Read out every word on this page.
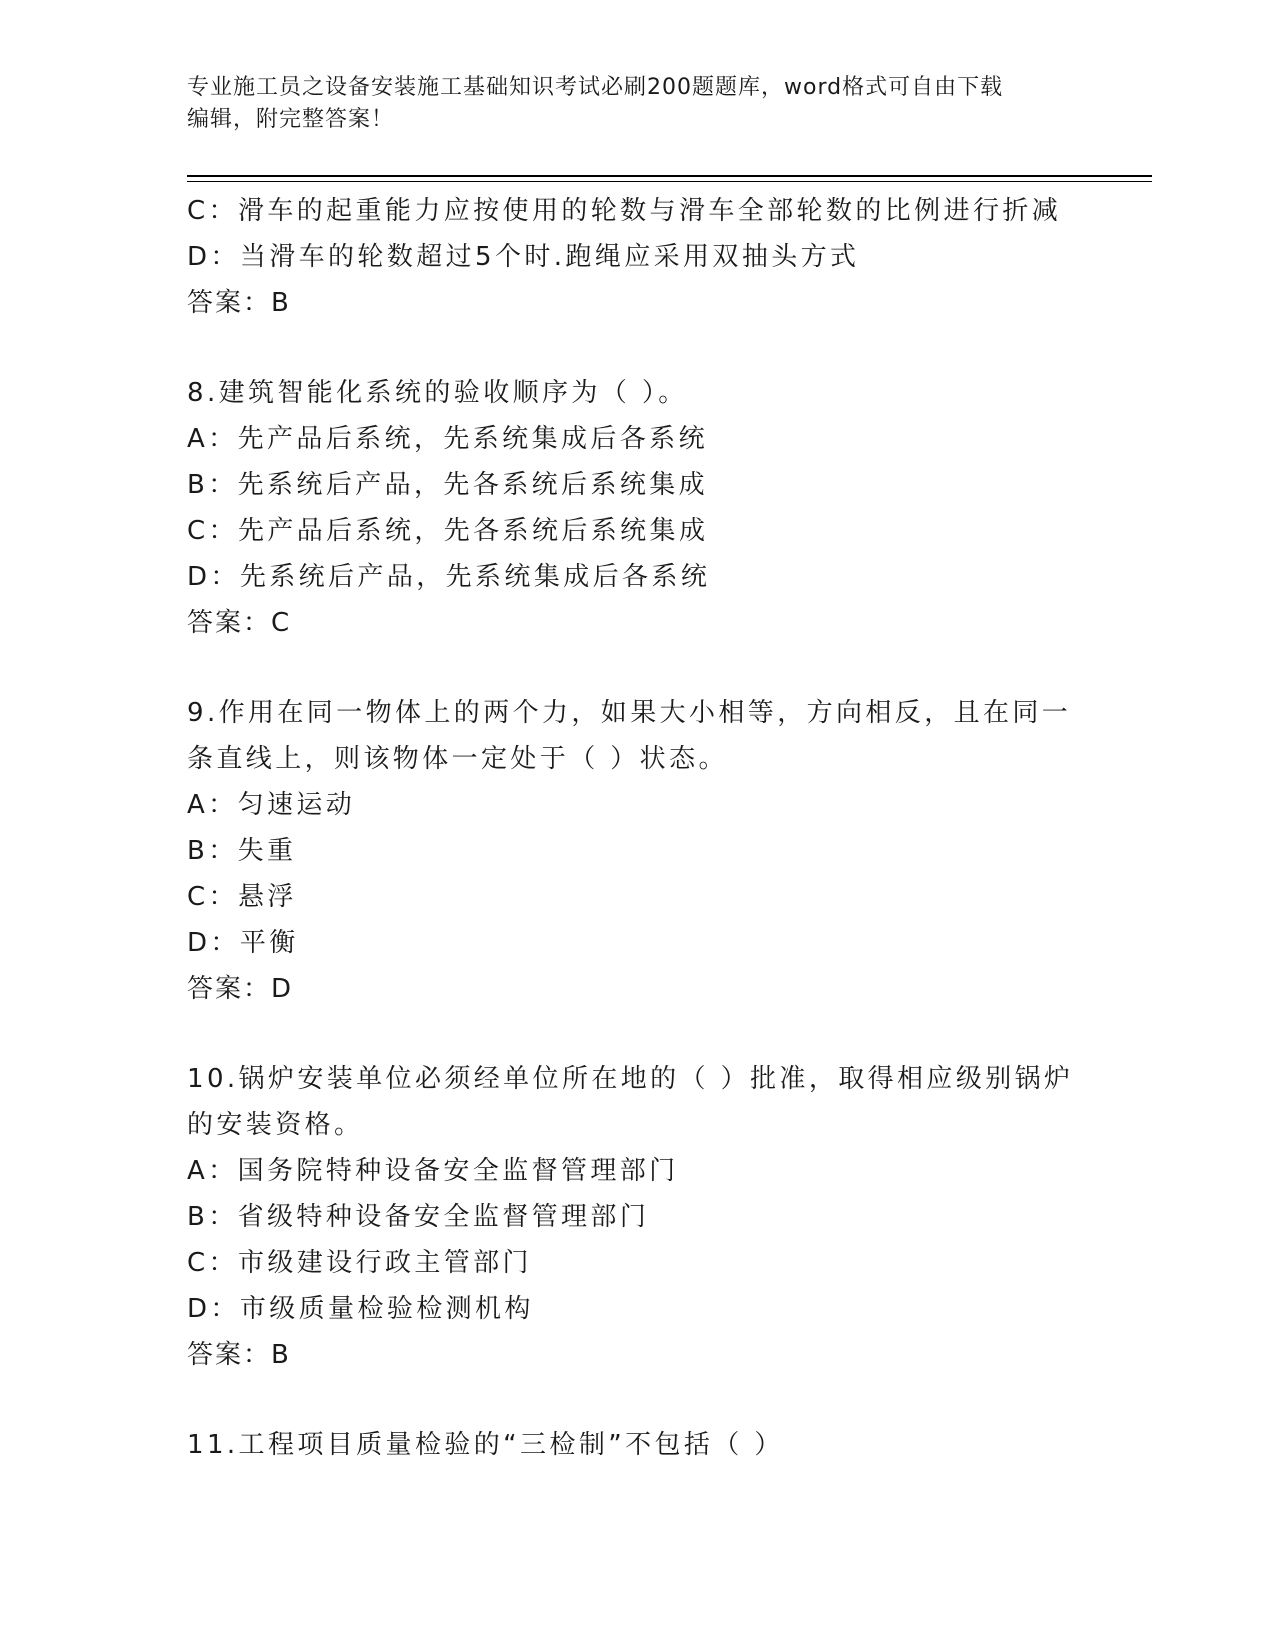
专业施工员之设备安装施工基础知识考试必刷200题题库，word格式可自由下载
编辑，附完整答案！
C：滑车的起重能力应按使用的轮数与滑车全部轮数的比例进行折减
D：当滑车的轮数超过5个时.跑绳应采用双抽头方式
答案：B
8.建筑智能化系统的验收顺序为（ ）。
A：先产品后系统，先系统集成后各系统
B：先系统后产品，先各系统后系统集成
C：先产品后系统，先各系统后系统集成
D：先系统后产品，先系统集成后各系统
答案：C
9.作用在同一物体上的两个力，如果大小相等，方向相反，且在同一
条直线上，则该物体一定处于（ ）状态。
A：匀速运动
B：失重
C：悬浮
D：平衡
答案：D
10.锅炉安装单位必须经单位所在地的（ ）批准，取得相应级别锅炉
的安装资格。
A：国务院特种设备安全监督管理部门
B：省级特种设备安全监督管理部门
C：市级建设行政主管部门
D：市级质量检验检测机构
答案：B
11.工程项目质量检验的“三检制”不包括（ ）
